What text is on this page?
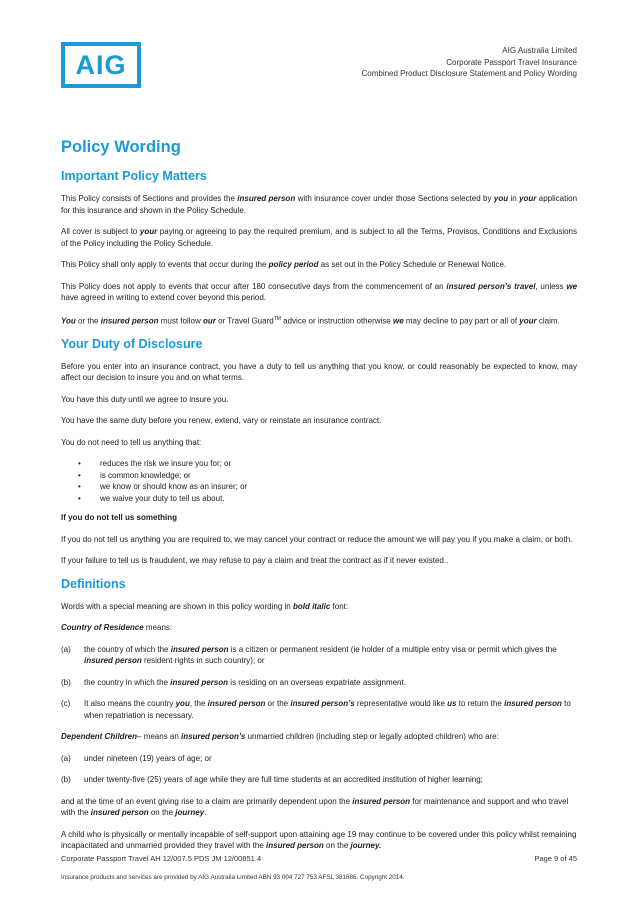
AIG	AIG Australia Limited
Corporate Passport Travel Insurance
Combined Product Disclosure Statement and Policy Wording
Policy Wording
Important Policy Matters

This Policy consists of Sections and provides the insured person with insurance cover under those Sections selected by you in your application for this insurance and shown in the Policy Schedule.

All cover is subject to your paying or agreeing to pay the required premium, and is subject to all the Terms, Provisos, Conditions and Exclusions of the Policy including the Policy Schedule.

This Policy shall only apply to events that occur during the policy period as set out in the Policy Schedule or Renewal Notice.

This Policy does not apply to events that occur after 180 consecutive days from the commencement of an insured person’s travel, unless we have agreed in writing to extend cover beyond this period.

You or the insured person must follow our or Travel Guard™ advice or instruction otherwise we may decline to pay part or all of your claim.

Your Duty of Disclosure

Before you enter into an insurance contract, you have a duty to tell us anything that you know, or could reasonably be expected to know, may affect our decision to insure you and on what terms.

You have this duty until we agree to insure you.

You have the same duty before you renew, extend, vary or reinstate an insurance contract.

You do not need to tell us anything that:

• reduces the risk we insure you for; or
• is common knowledge; or
• we know or should know as an insurer; or
• we waive your duty to tell us about.

If you do not tell us something

If you do not tell us anything you are required to, we may cancel your contract or reduce the amount we will pay you if you make a claim, or both.

If your failure to tell us is fraudulent, we may refuse to pay a claim and treat the contract as if it never existed..

Definitions

Words with a special meaning are shown in this policy wording in bold italic font:

Country of Residence means:

(a)	the country of which the insured person is a citizen or permanent resident (ie holder of a multiple entry visa or permit which gives the insured person resident rights in such country); or
(b)	the country in which the insured person is residing on an overseas expatriate assignment.
(c)	It also means the country you, the insured person or the insured person’s representative would like us to return the insured person to when repatriation is necessary.

Dependent Children– means an insured person’s unmarried children (including step or legally adopted children) who are:

(a)	under nineteen (19) years of age; or
(b)	under twenty-five (25) years of age while they are full time students at an accredited institution of higher learning;

and at the time of an event giving rise to a claim are primarily dependent upon the insured person for maintenance and support and who travel with the insured person on the journey.

A child who is physically or mentally incapable of self-support upon attaining age 19 may continue to be covered under this policy whilst remaining incapacitated and unmarried provided they travel with the insured person on the journey.

Corporate Passport Travel AH 12/007.5 PDS JM 12/00851.4	Page 9 of 45
Insurance products and services are provided by AIG Australia Limited ABN 93 004 727 753 AFSL 381686. Copyright 2014.
